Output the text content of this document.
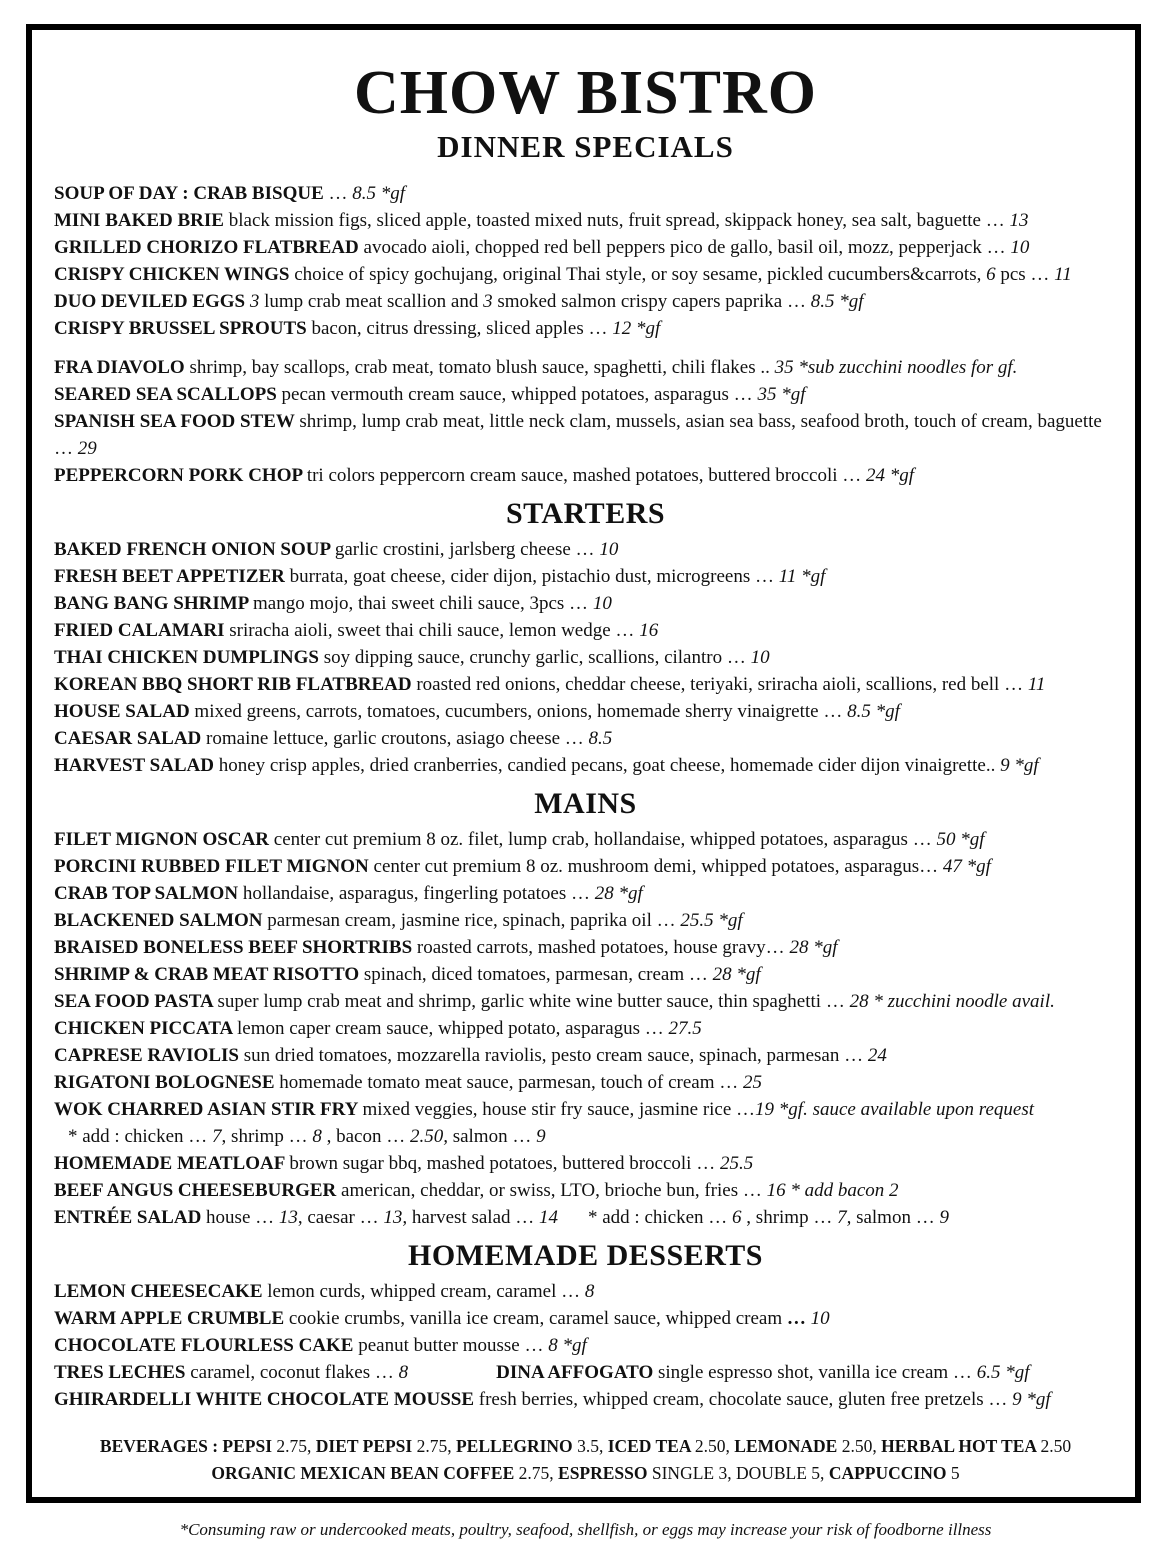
CHOW BISTRO
DINNER SPECIALS
SOUP OF DAY : CRAB BISQUE … 8.5 *gf
MINI BAKED BRIE black mission figs, sliced apple, toasted mixed nuts, fruit spread, skippack honey, sea salt, baguette … 13
GRILLED CHORIZO FLATBREAD avocado aioli, chopped red bell peppers pico de gallo, basil oil, mozz, pepperjack … 10
CRISPY CHICKEN WINGS choice of spicy gochujang, original Thai style, or soy sesame, pickled cucumbers&carrots, 6 pcs … 11
DUO DEVILED EGGS 3 lump crab meat scallion and 3 smoked salmon crispy capers paprika … 8.5 *gf
CRISPY BRUSSEL SPROUTS bacon, citrus dressing, sliced apples … 12 *gf
FRA DIAVOLO shrimp, bay scallops, crab meat, tomato blush sauce, spaghetti, chili flakes .. 35 *sub zucchini noodles for gf.
SEARED SEA SCALLOPS pecan vermouth cream sauce, whipped potatoes, asparagus … 35 *gf
SPANISH SEA FOOD STEW shrimp, lump crab meat, little neck clam, mussels, asian sea bass, seafood broth, touch of cream, baguette … 29
PEPPERCORN PORK CHOP tri colors peppercorn cream sauce, mashed potatoes, buttered broccoli … 24 *gf
STARTERS
BAKED FRENCH ONION SOUP garlic crostini, jarlsberg cheese … 10
FRESH BEET APPETIZER burrata, goat cheese, cider dijon, pistachio dust, microgreens … 11 *gf
BANG BANG SHRIMP mango mojo, thai sweet chili sauce, 3pcs … 10
FRIED CALAMARI sriracha aioli, sweet thai chili sauce, lemon wedge … 16
THAI CHICKEN DUMPLINGS soy dipping sauce, crunchy garlic, scallions, cilantro … 10
KOREAN BBQ SHORT RIB FLATBREAD roasted red onions, cheddar cheese, teriyaki, sriracha aioli, scallions, red bell … 11
HOUSE SALAD mixed greens, carrots, tomatoes, cucumbers, onions, homemade sherry vinaigrette … 8.5 *gf
CAESAR SALAD romaine lettuce, garlic croutons, asiago cheese … 8.5
HARVEST SALAD honey crisp apples, dried cranberries, candied pecans, goat cheese, homemade cider dijon vinaigrette.. 9 *gf
MAINS
FILET MIGNON OSCAR center cut premium 8 oz. filet, lump crab, hollandaise, whipped potatoes, asparagus … 50 *gf
PORCINI RUBBED FILET MIGNON center cut premium 8 oz. mushroom demi, whipped potatoes, asparagus… 47 *gf
CRAB TOP SALMON hollandaise, asparagus, fingerling potatoes … 28 *gf
BLACKENED SALMON parmesan cream, jasmine rice, spinach, paprika oil … 25.5 *gf
BRAISED BONELESS BEEF SHORTRIBS roasted carrots, mashed potatoes, house gravy… 28 *gf
SHRIMP & CRAB MEAT RISOTTO spinach, diced tomatoes, parmesan, cream … 28 *gf
SEA FOOD PASTA super lump crab meat and shrimp, garlic white wine butter sauce, thin spaghetti … 28 * zucchini noodle avail.
CHICKEN PICCATA lemon caper cream sauce, whipped potato, asparagus … 27.5
CAPRESE RAVIOLIS sun dried tomatoes, mozzarella raviolis, pesto cream sauce, spinach, parmesan … 24
RIGATONI BOLOGNESE homemade tomato meat sauce, parmesan, touch of cream … 25
WOK CHARRED ASIAN STIR FRY mixed veggies, house stir fry sauce, jasmine rice …19 *gf. sauce available upon request
* add : chicken … 7, shrimp … 8 , bacon … 2.50, salmon … 9
HOMEMADE MEATLOAF brown sugar bbq, mashed potatoes, buttered broccoli … 25.5
BEEF ANGUS CHEESEBURGER american, cheddar, or swiss, LTO, brioche bun, fries … 16 * add bacon 2
ENTRÉE SALAD house … 13, caesar … 13, harvest salad … 14 * add : chicken … 6 , shrimp … 7, salmon … 9
HOMEMADE DESSERTS
LEMON CHEESECAKE lemon curds, whipped cream, caramel … 8
WARM APPLE CRUMBLE cookie crumbs, vanilla ice cream, caramel sauce, whipped cream … 10
CHOCOLATE FLOURLESS CAKE peanut butter mousse … 8 *gf
TRES LECHES caramel, coconut flakes … 8	DINA AFFOGATO single espresso shot, vanilla ice cream … 6.5 *gf
GHIRARDELLI WHITE CHOCOLATE MOUSSE fresh berries, whipped cream, chocolate sauce, gluten free pretzels … 9 *gf
BEVERAGES : PEPSI 2.75, DIET PEPSI 2.75, PELLEGRINO 3.5, ICED TEA 2.50, LEMONADE 2.50, HERBAL HOT TEA 2.50
ORGANIC MEXICAN BEAN COFFEE 2.75, ESPRESSO SINGLE 3, DOUBLE 5, CAPPUCCINO 5
*Consuming raw or undercooked meats, poultry, seafood, shellfish, or eggs may increase your risk of foodborne illness
